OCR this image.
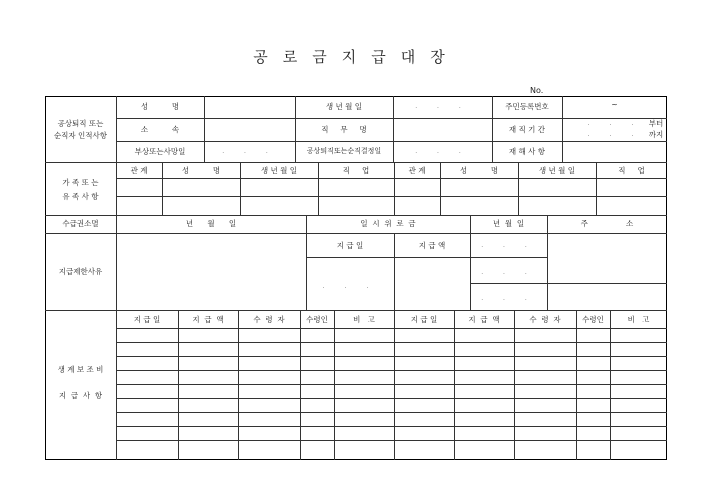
공로금지급대장
No.
공상퇴직 또는
순직자 인적사항
성          명	생 년 월 일	. . .	주민등록번호	~
소          속	직     무     명	재 직 기 간
. . . 부터
. . . 까지
부상또는사망일	. . .	공상퇴직또는순직결정일	. . .	재 해 사 항
가 족 또 는
유 족 사 항
관 계	성          명	생 년 월 일	직     업	관 계	성          명	생 년 월 일	직     업
수급권소멸	년      월      일	일  시  위  로  금	년  월  일	주                소
지급제한사유
지 급 일	지 급 액	. . .
. . .
. . .
. . .
생 계 보 조 비
지  급  사  항
지 급 일	지  급  액	수  령  자	수령인	비   고	지 급 일	지  급  액	수  령  자	수령인	비   고
